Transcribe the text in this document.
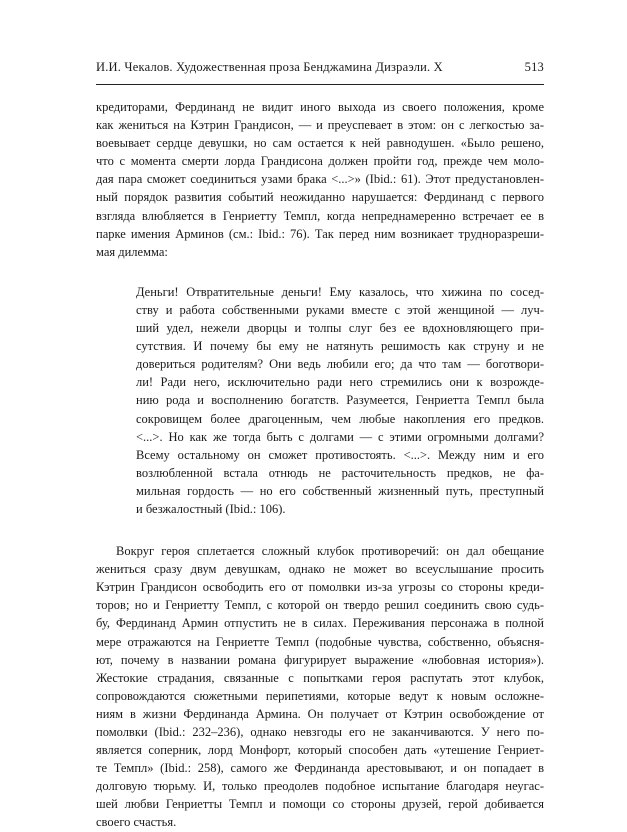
И.И. Чекалов. Художественная проза Бенджамина Дизраэли. X	513
кредиторами, Фердинанд не видит иного выхода из своего положения, кроме
как жениться на Кэтрин Грандисон, — и преуспевает в этом: он с легкостью за-
воевывает сердце девушки, но сам остается к ней равнодушен. «Было решено,
что с момента смерти лорда Грандисона должен пройти год, прежде чем моло-
дая пара сможет соединиться узами брака <...>» (Ibid.: 61). Этот предустановлен-
ный порядок развития событий неожиданно нарушается: Фердинанд с первого
взгляда влюбляется в Генриетту Темпл, когда непреднамеренно встречает ее в
парке имения Арминов (см.: Ibid.: 76). Так перед ним возникает трудноразреши-
мая дилемма:
Деньги! Отвратительные деньги! Ему казалось, что хижина по сосед-
ству и работа собственными руками вместе с этой женщиной — луч-
ший удел, нежели дворцы и толпы слуг без ее вдохновляющего при-
сутствия. И почему бы ему не натянуть решимость как струну и не
довериться родителям? Они ведь любили его; да что там — боготвори-
ли! Ради него, исключительно ради него стремились они к возрожде-
нию рода и восполнению богатств. Разумеется, Генриетта Темпл была
сокровищем более драгоценным, чем любые накопления его предков.
<...>. Но как же тогда быть с долгами — с этими огромными долгами?
Всему остальному он сможет противостоять. <...>. Между ним и его
возлюбленной встала отнюдь не расточительность предков, не фа-
мильная гордость — но его собственный жизненный путь, преступный
и безжалостный (Ibid.: 106).
Вокруг героя сплетается сложный клубок противоречий: он дал обещание
жениться сразу двум девушкам, однако не может во всеуслышание просить
Кэтрин Грандисон освободить его от помолвки из-за угрозы со стороны креди-
торов; но и Генриетту Темпл, с которой он твердо решил соединить свою судь-
бу, Фердинанд Армин отпустить не в силах. Переживания персонажа в полной
мере отражаются на Генриетте Темпл (подобные чувства, собственно, объясня-
ют, почему в названии романа фигурирует выражение «любовная история»).
Жестокие страдания, связанные с попытками героя распутать этот клубок,
сопровождаются сюжетными перипетиями, которые ведут к новым осложне-
ниям в жизни Фердинанда Армина. Он получает от Кэтрин освобождение от
помолвки (Ibid.: 232–236), однако невзгоды его не заканчиваются. У него по-
является соперник, лорд Монфорт, который способен дать «утешение Генриет-
те Темпл» (Ibid.: 258), самого же Фердинанда арестовывают, и он попадает в
долговую тюрьму. И, только преодолев подобное испытание благодаря неугас-
шей любви Генриетты Темпл и помощи со стороны друзей, герой добивается
своего счастья.
